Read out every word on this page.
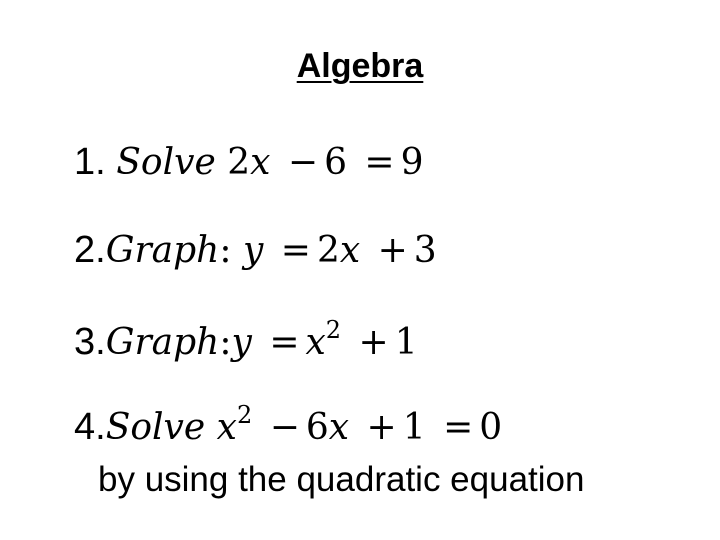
Algebra
1. Solve 2x − 6 = 9
2.Graph: y = 2x + 3
3.Graph:y = $x^2 + 1$
4.Solve $x^2 - 6x + 1 = 0$
by using the quadratic equation
